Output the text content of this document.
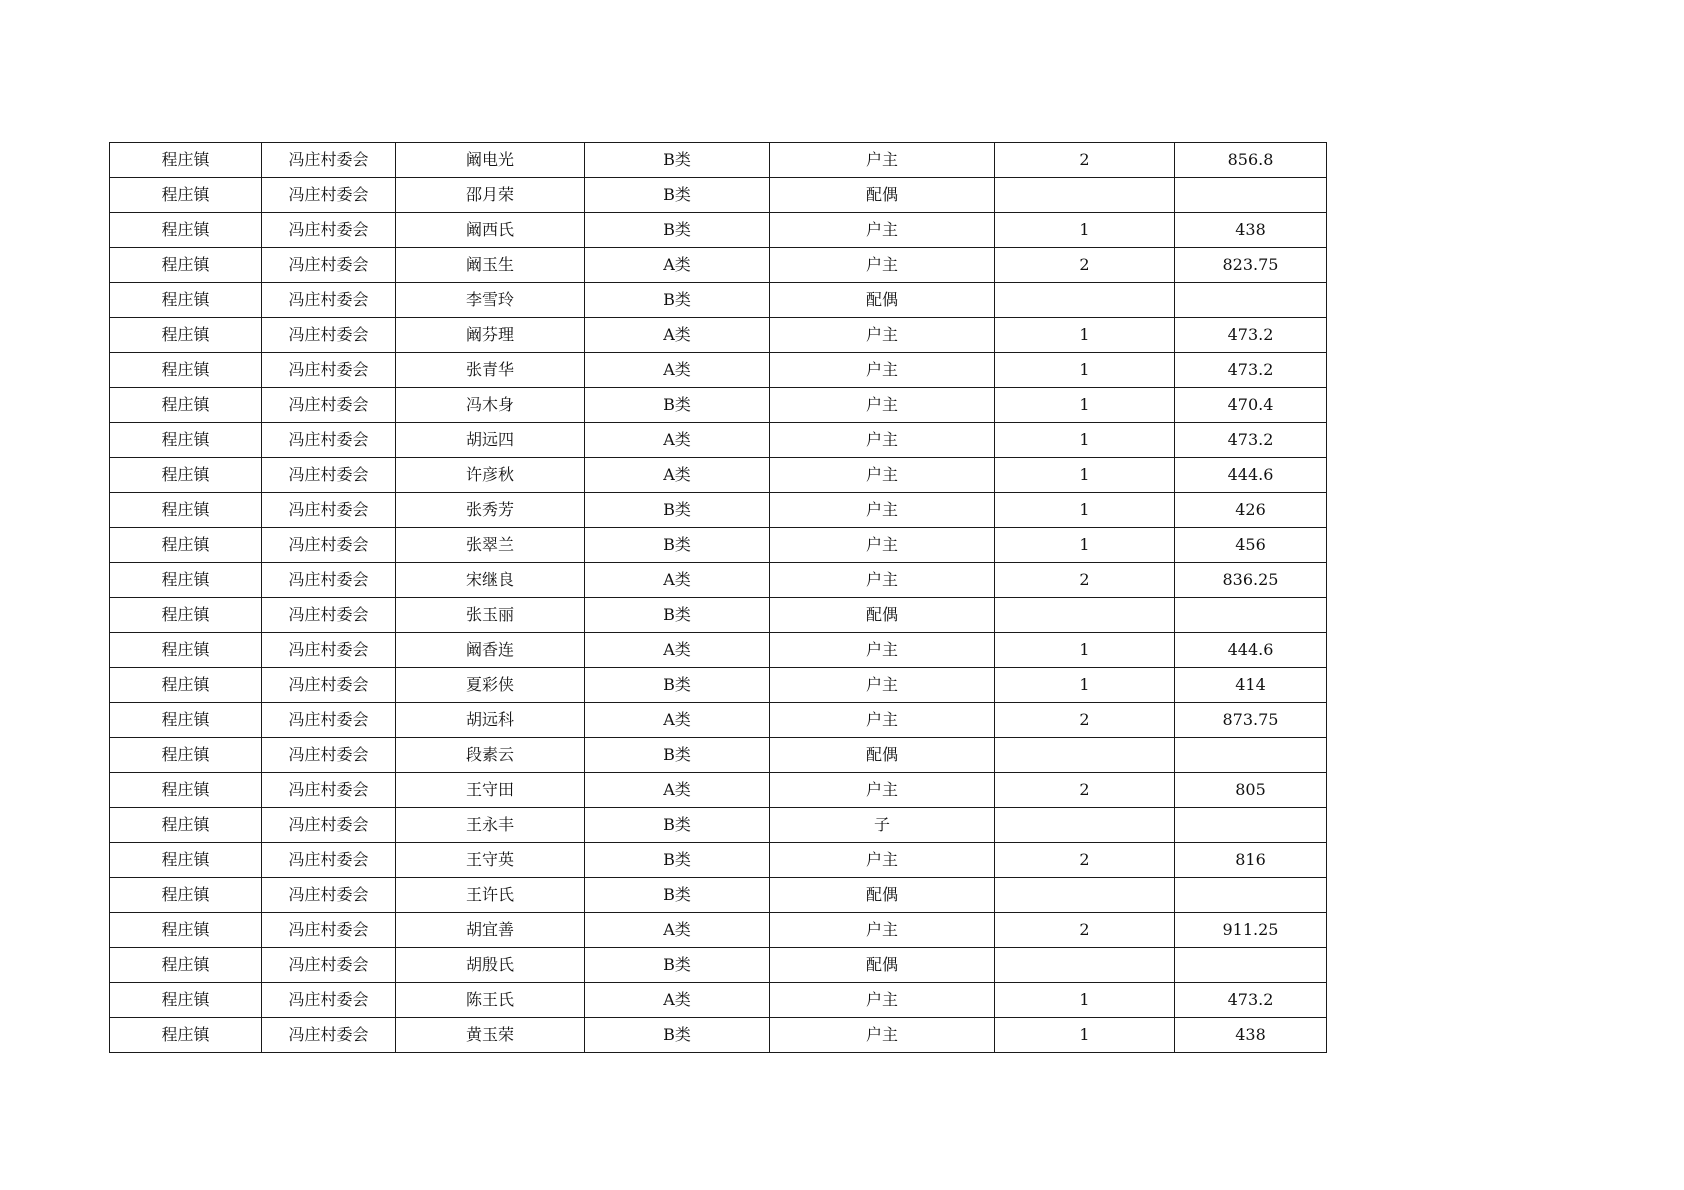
程庄镇	冯庄村委会	阚电光	B类	户主	2	856.8
程庄镇	冯庄村委会	邵月荣	B类	配偶		
程庄镇	冯庄村委会	阚西氏	B类	户主	1	438
程庄镇	冯庄村委会	阚玉生	A类	户主	2	823.75
程庄镇	冯庄村委会	李雪玲	B类	配偶		
程庄镇	冯庄村委会	阚芬理	A类	户主	1	473.2
程庄镇	冯庄村委会	张青华	A类	户主	1	473.2
程庄镇	冯庄村委会	冯木身	B类	户主	1	470.4
程庄镇	冯庄村委会	胡远四	A类	户主	1	473.2
程庄镇	冯庄村委会	许彦秋	A类	户主	1	444.6
程庄镇	冯庄村委会	张秀芳	B类	户主	1	426
程庄镇	冯庄村委会	张翠兰	B类	户主	1	456
程庄镇	冯庄村委会	宋继良	A类	户主	2	836.25
程庄镇	冯庄村委会	张玉丽	B类	配偶		
程庄镇	冯庄村委会	阚香连	A类	户主	1	444.6
程庄镇	冯庄村委会	夏彩侠	B类	户主	1	414
程庄镇	冯庄村委会	胡远科	A类	户主	2	873.75
程庄镇	冯庄村委会	段素云	B类	配偶		
程庄镇	冯庄村委会	王守田	A类	户主	2	805
程庄镇	冯庄村委会	王永丰	B类	子		
程庄镇	冯庄村委会	王守英	B类	户主	2	816
程庄镇	冯庄村委会	王许氏	B类	配偶		
程庄镇	冯庄村委会	胡宜善	A类	户主	2	911.25
程庄镇	冯庄村委会	胡殷氏	B类	配偶		
程庄镇	冯庄村委会	陈王氏	A类	户主	1	473.2
程庄镇	冯庄村委会	黄玉荣	B类	户主	1	438
